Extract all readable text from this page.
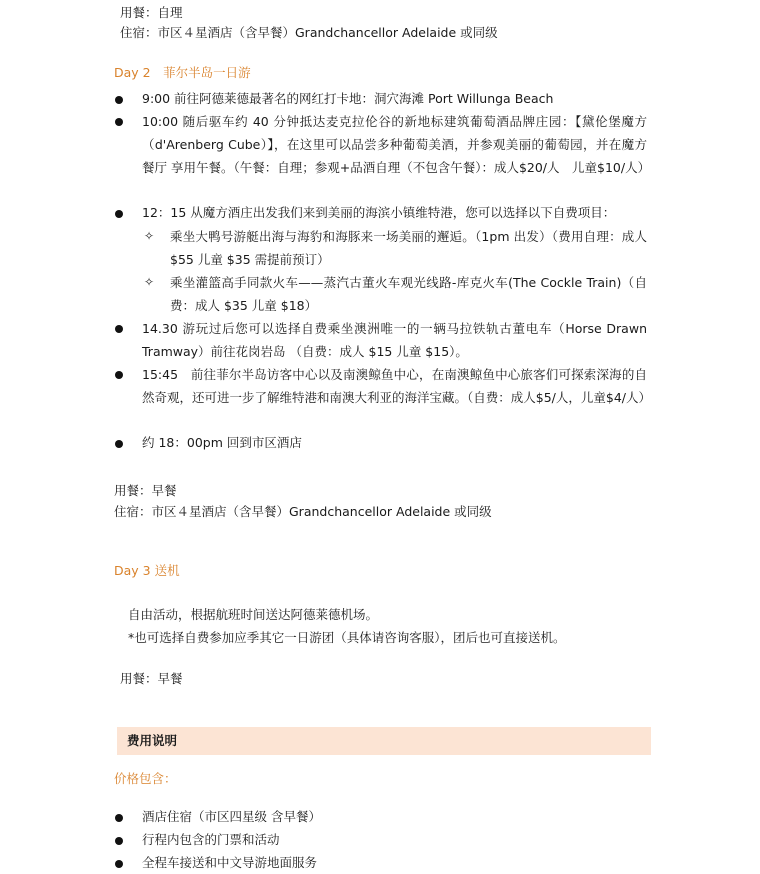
用餐：自理
住宿：市区４星酒店（含早餐）Grandchancellor Adelaide 或同级
Day 2　菲尔半岛一日游
9:00 前往阿德莱德最著名的网红打卡地：洞穴海滩 Port Willunga Beach
10:00 随后驱车约 40 分钟抵达麦克拉伦谷的新地标建筑葡萄酒品牌庄园：【黛伦堡魔方（d'Arenberg Cube）】，在这里可以品尝多种葡萄美酒，并参观美丽的葡萄园，并在魔方餐厅 享用午餐。（午餐：自理；参观+品酒自理（不包含午餐）：成人$20/人　儿童$10/人）
12：15 从魔方酒庄出发我们来到美丽的海滨小镇维特港，您可以选择以下自费项目：
✧ 乘坐大鸭号游艇出海与海豹和海豚来一场美丽的邂逅。（1pm 出发）（费用自理：成人 $55 儿童 $35 需提前预订）
✧ 乘坐灌篮高手同款火车——蒸汽古董火车观光线路-库克火车(The Cockle Train)（自费：成人 $35 儿童 $18）
14.30 游玩过后您可以选择自费乘坐澳洲唯一的一辆马拉铁轨古董电车（Horse Drawn Tramway）前往花岗岩岛 （自费：成人 $15 儿童 $15）。
15:45　前往菲尔半岛访客中心以及南澳鲸鱼中心，在南澳鲸鱼中心旅客们可探索深海的自然奇观，还可进一步了解维特港和南澳大利亚的海洋宝藏。（自费：成人$5/人，儿童$4/人）
约 18：00pm 回到市区酒店
用餐：早餐
住宿：市区４星酒店（含早餐）Grandchancellor Adelaide 或同级
Day 3 送机
自由活动，根据航班时间送达阿德莱德机场。
*也可选择自费参加应季其它一日游团（具体请咨询客服），团后也可直接送机。
用餐：早餐
费用说明
价格包含：
酒店住宿（市区四星级 含早餐）
行程内包含的门票和活动
全程车接送和中文导游地面服务
